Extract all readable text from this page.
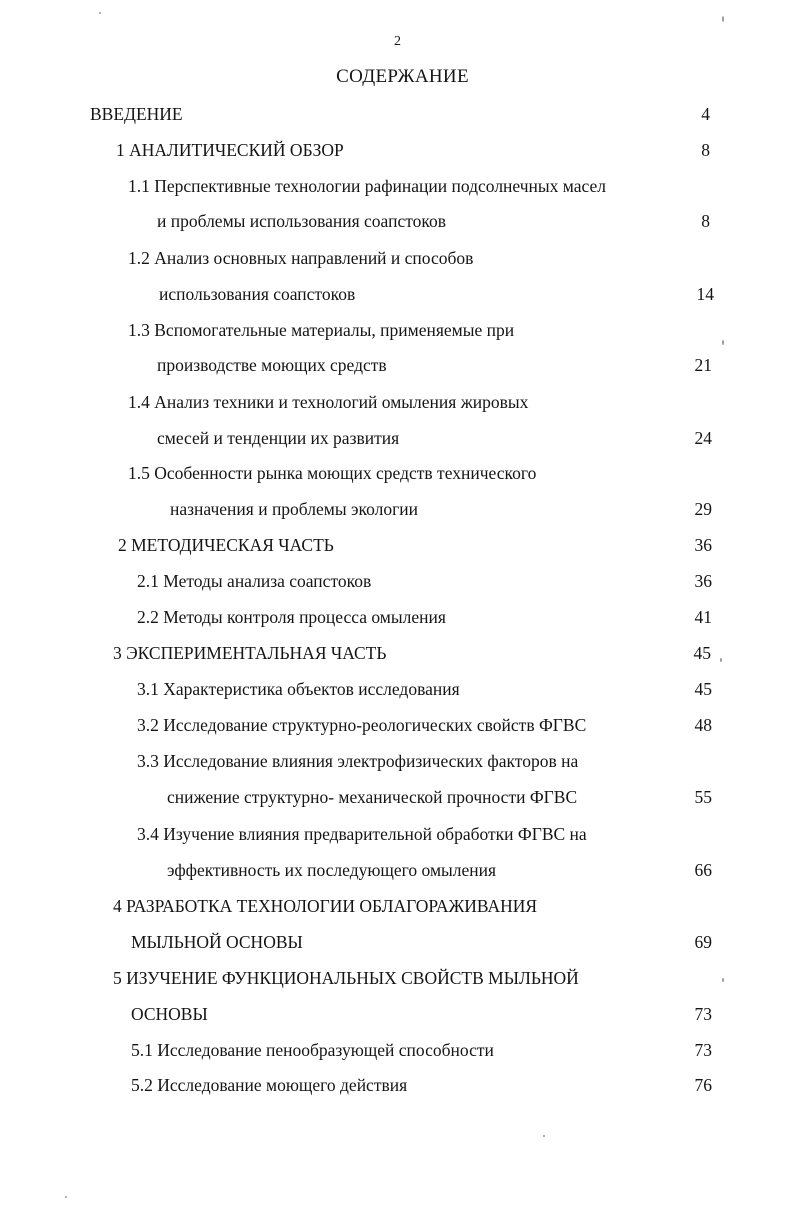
2
СОДЕРЖАНИЕ
ВВЕДЕНИЕ	4
1 АНАЛИТИЧЕСКИЙ ОБЗОР	8
1.1 Перспективные технологии рафинации подсолнечных масел
и проблемы использования соапстоков	8
1.2 Анализ основных направлений и способов
использования соапстоков	14
1.3 Вспомогательные материалы, применяемые при
производстве моющих средств	21
1.4 Анализ техники и технологий омыления жировых
смесей и тенденции их развития	24
1.5 Особенности рынка моющих средств технического
назначения и проблемы экологии	29
2 МЕТОДИЧЕСКАЯ ЧАСТЬ	36
2.1 Методы анализа соапстоков	36
2.2 Методы контроля процесса омыления	41
3 ЭКСПЕРИМЕНТАЛЬНАЯ ЧАСТЬ	45
3.1 Характеристика объектов исследования	45
3.2 Исследование структурно-реологических свойств ФГВС	48
3.3 Исследование влияния электрофизических факторов на
снижение структурно- механической прочности ФГВС	55
3.4 Изучение влияния предварительной обработки ФГВС на
эффективность их последующего омыления	66
4 РАЗРАБОТКА ТЕХНОЛОГИИ ОБЛАГОРАЖИВАНИЯ
МЫЛЬНОЙ ОСНОВЫ	69
5 ИЗУЧЕНИЕ ФУНКЦИОНАЛЬНЫХ СВОЙСТВ МЫЛЬНОЙ
ОСНОВЫ	73
5.1 Исследование пенообразующей способности	73
5.2 Исследование моющего действия	76
